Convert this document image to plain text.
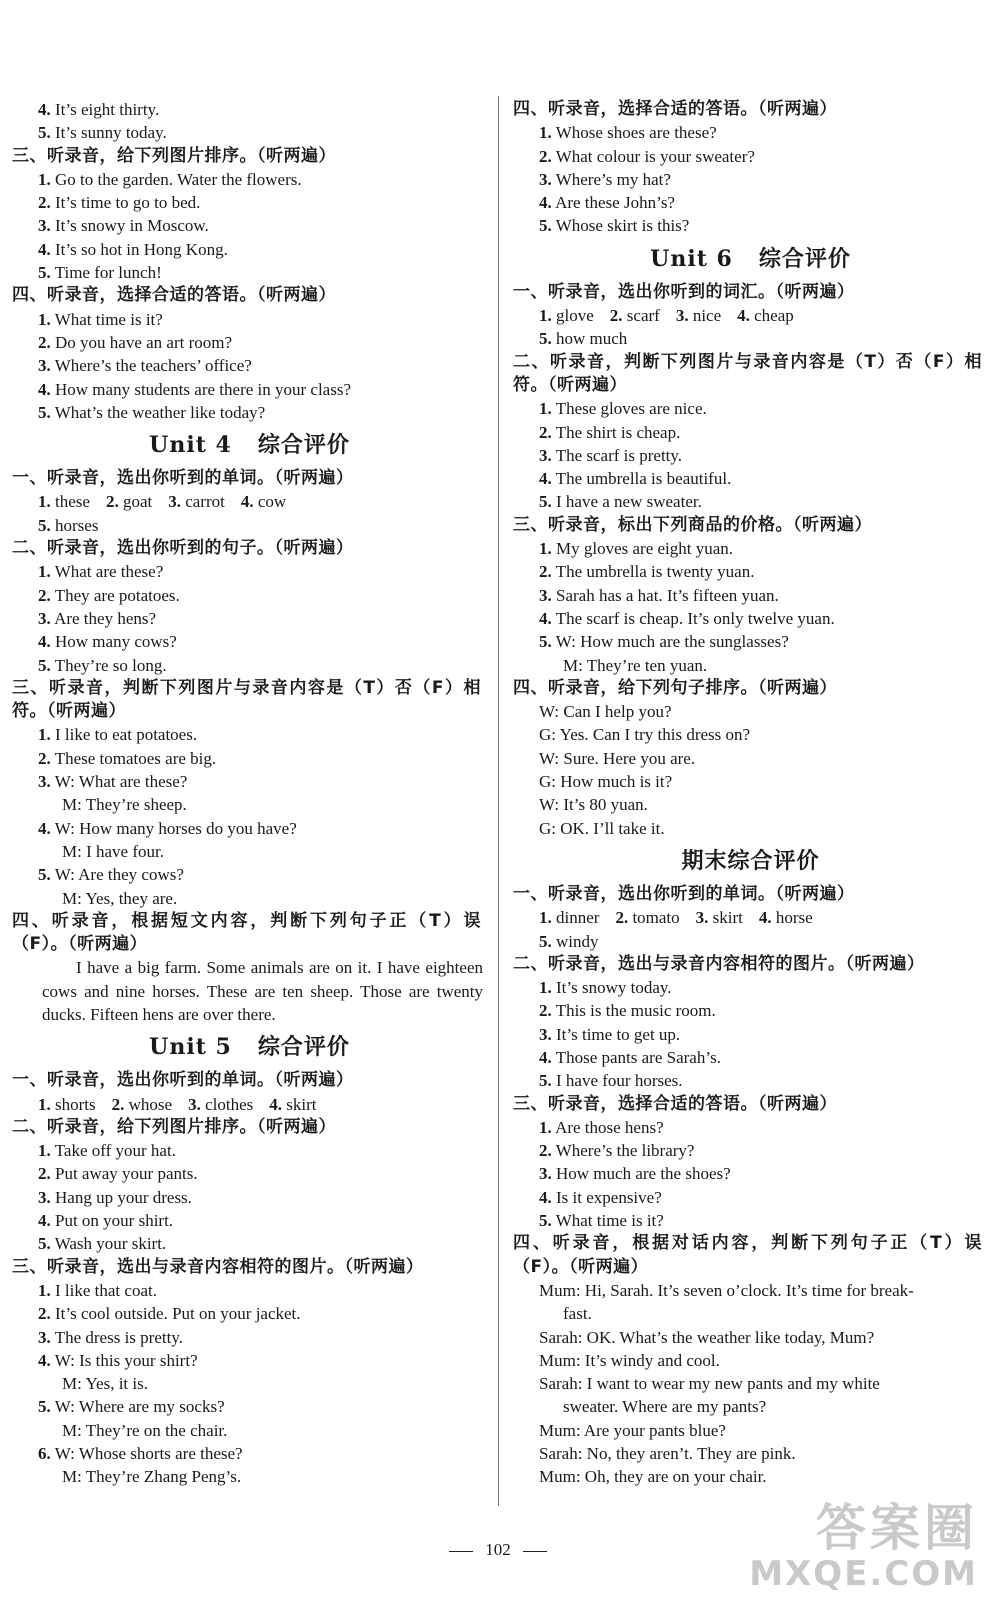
4. It’s eight thirty.
5. It’s sunny today.
三、听录音，给下列图片排序。（听两遍）
1. Go to the garden. Water the flowers.
2. It’s time to go to bed.
3. It’s snowy in Moscow.
4. It’s so hot in Hong Kong.
5. Time for lunch!
四、听录音，选择合适的答语。（听两遍）
1. What time is it?
2. Do you have an art room?
3. Where’s the teachers’ office?
4. How many students are there in your class?
5. What’s the weather like today?
Unit 4 综合评价
一、听录音，选出你听到的单词。（听两遍）
1. these 2. goat 3. carrot 4. cow
5. horses
二、听录音，选出你听到的句子。（听两遍）
1. What are these?
2. They are potatoes.
3. Are they hens?
4. How many cows?
5. They’re so long.
三、听录音，判断下列图片与录音内容是（T）否（F）相符。（听两遍）
1. I like to eat potatoes.
2. These tomatoes are big.
3. W: What are these?
M: They’re sheep.
4. W: How many horses do you have?
M: I have four.
5. W: Are they cows?
M: Yes, they are.
四、听录音，根据短文内容，判断下列句子正（T）误（F）。（听两遍）
I have a big farm. Some animals are on it. I have eighteen cows and nine horses. These are ten sheep. Those are twenty ducks. Fifteen hens are over there.
Unit 5 综合评价
一、听录音，选出你听到的单词。（听两遍）
1. shorts 2. whose 3. clothes 4. skirt
二、听录音，给下列图片排序。（听两遍）
1. Take off your hat.
2. Put away your pants.
3. Hang up your dress.
4. Put on your shirt.
5. Wash your skirt.
三、听录音，选出与录音内容相符的图片。（听两遍）
1. I like that coat.
2. It’s cool outside. Put on your jacket.
3. The dress is pretty.
4. W: Is this your shirt?
M: Yes, it is.
5. W: Where are my socks?
M: They’re on the chair.
6. W: Whose shorts are these?
M: They’re Zhang Peng’s.
四、听录音，选择合适的答语。（听两遍）
1. Whose shoes are these?
2. What colour is your sweater?
3. Where’s my hat?
4. Are these John’s?
5. Whose skirt is this?
Unit 6 综合评价
一、听录音，选出你听到的词汇。（听两遍）
1. glove 2. scarf 3. nice 4. cheap
5. how much
二、听录音，判断下列图片与录音内容是（T）否（F）相符。（听两遍）
1. These gloves are nice.
2. The shirt is cheap.
3. The scarf is pretty.
4. The umbrella is beautiful.
5. I have a new sweater.
三、听录音，标出下列商品的价格。（听两遍）
1. My gloves are eight yuan.
2. The umbrella is twenty yuan.
3. Sarah has a hat. It’s fifteen yuan.
4. The scarf is cheap. It’s only twelve yuan.
5. W: How much are the sunglasses?
M: They’re ten yuan.
四、听录音，给下列句子排序。（听两遍）
W: Can I help you?
G: Yes. Can I try this dress on?
W: Sure. Here you are.
G: How much is it?
W: It’s 80 yuan.
G: OK. I’ll take it.
期末综合评价
一、听录音，选出你听到的单词。（听两遍）
1. dinner 2. tomato 3. skirt 4. horse
5. windy
二、听录音，选出与录音内容相符的图片。（听两遍）
1. It’s snowy today.
2. This is the music room.
3. It’s time to get up.
4. Those pants are Sarah’s.
5. I have four horses.
三、听录音，选择合适的答语。（听两遍）
1. Are those hens?
2. Where’s the library?
3. How much are the shoes?
4. Is it expensive?
5. What time is it?
四、听录音，根据对话内容，判断下列句子正（T）误（F）。（听两遍）
Mum: Hi, Sarah. It’s seven o’clock. It’s time for break-
fast.
Sarah: OK. What’s the weather like today, Mum?
Mum: It’s windy and cool.
Sarah: I want to wear my new pants and my white
sweater. Where are my pants?
Mum: Are your pants blue?
Sarah: No, they aren’t. They are pink.
Mum: Oh, they are on your chair.
102	答案圈
MXQE.COM
